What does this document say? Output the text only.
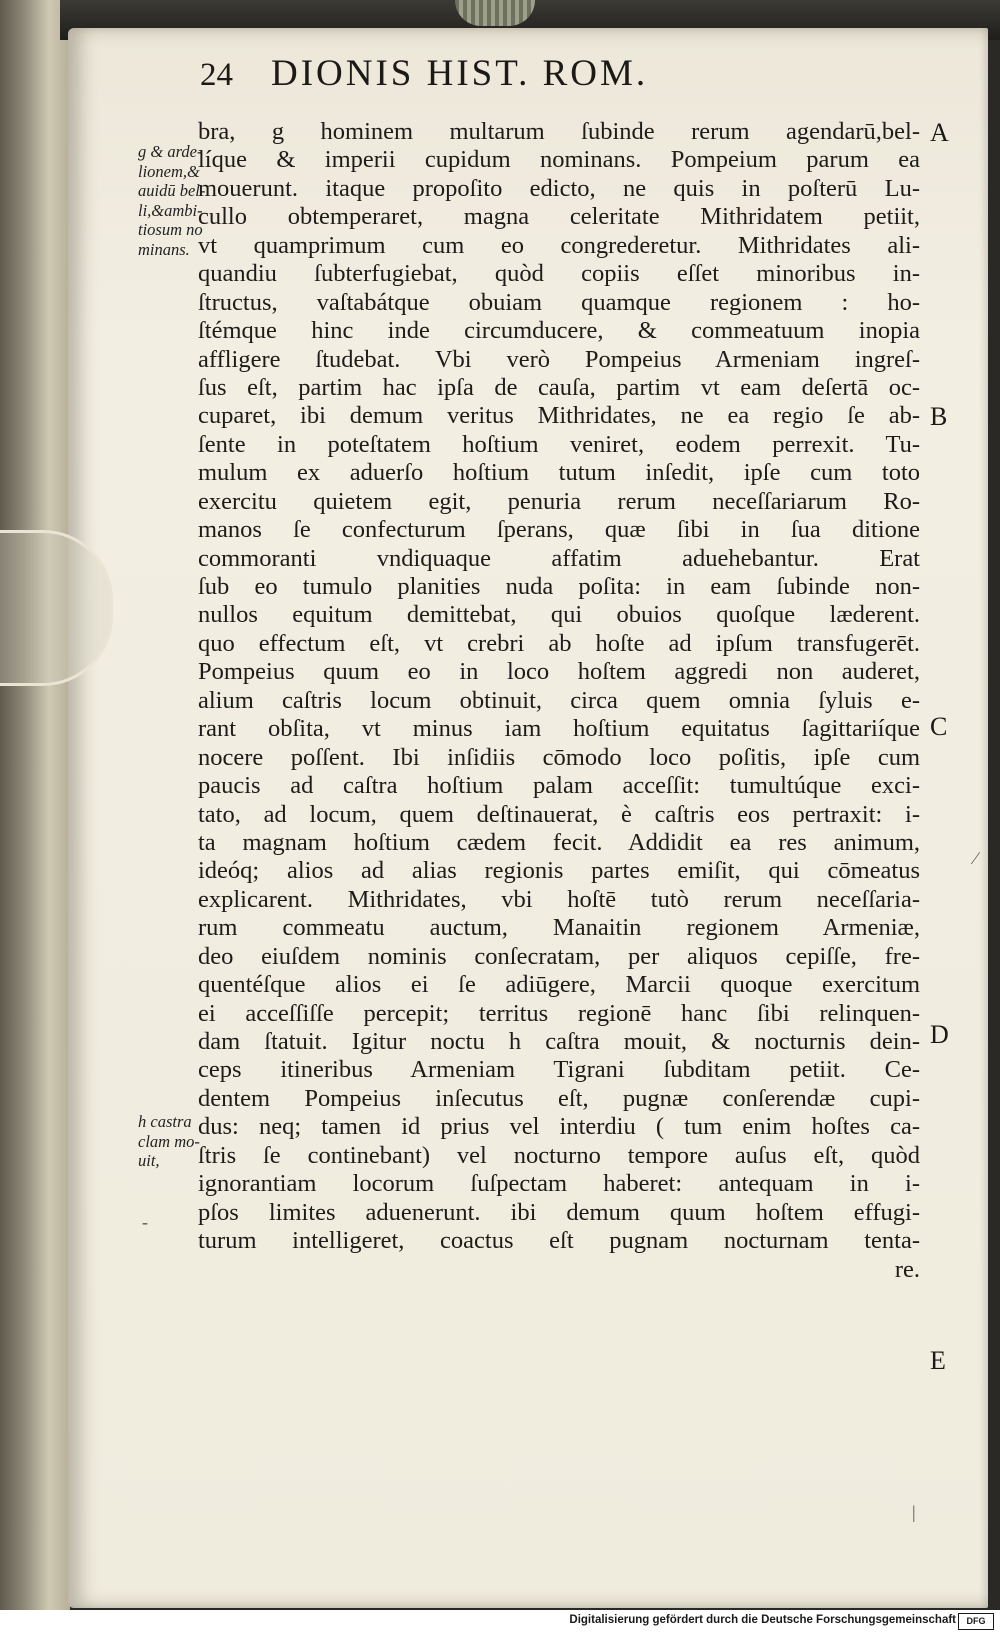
24 DIONIS HIST. ROM.
g & arde-
lionem,&
auidū bel-
li,&ambi-
tiosum no
minans.
h castra
clam mo-
uit,
bra, g hominem multarum ſubinde rerum agendarū,bel-
líque & imperii cupidum nominans. Pompeium parum ea
mouerunt. itaque propoſito edicto, ne quis in poſterū Lu-
cullo obtemperaret, magna celeritate Mithridatem petiit,
vt quamprimum cum eo congrederetur. Mithridates ali-
quandiu ſubterfugiebat, quòd copiis eſſet minoribus in-
ſtructus, vaſtabátque obuiam quamque regionem : ho-
ſtémque hinc inde circumducere, & commeatuum inopia
affligere ſtudebat. Vbi verò Pompeius Armeniam ingreſ-
ſus eſt, partim hac ipſa de cauſa, partim vt eam deſertā oc-
cuparet, ibi demum veritus Mithridates, ne ea regio ſe ab-
ſente in poteſtatem hoſtium veniret, eodem perrexit. Tu-
mulum ex aduerſo hoſtium tutum inſedit, ipſe cum toto
exercitu quietem egit, penuria rerum neceſſariarum Ro-
manos ſe confecturum ſperans, quæ ſibi in ſua ditione
commoranti vndiquaque affatim aduehebantur. Erat
ſub eo tumulo planities nuda poſita: in eam ſubinde non-
nullos equitum demittebat, qui obuios quoſque læderent.
quo effectum eſt, vt crebri ab hoſte ad ipſum transfugerēt.
Pompeius quum eo in loco hoſtem aggredi non auderet,
alium caſtris locum obtinuit, circa quem omnia ſyluis e-
rant obſita, vt minus iam hoſtium equitatus ſagittariíque
nocere poſſent. Ibi inſidiis cōmodo loco poſitis, ipſe cum
paucis ad caſtra hoſtium palam acceſſit: tumultúque exci-
tato, ad locum, quem deſtinauerat, è caſtris eos pertraxit: i-
ta magnam hoſtium cædem fecit. Addidit ea res animum,
ideóq; alios ad alias regionis partes emiſit, qui cōmeatus
explicarent. Mithridates, vbi hoſtē tutò rerum neceſſaria-
rum commeatu auctum, Manaitin regionem Armeniæ,
deo eiuſdem nominis conſecratam, per aliquos cepiſſe, fre-
quentéſque alios ei ſe adiūgere, Marcii quoque exercitum
ei acceſſiſſe percepit; territus regionē hanc ſibi relinquen-
dam ſtatuit. Igitur noctu h caſtra mouit, & nocturnis dein-
ceps itineribus Armeniam Tigrani ſubditam petiit. Ce-
dentem Pompeius inſecutus eſt, pugnæ conſerendæ cupi-
dus: neq; tamen id prius vel interdiu ( tum enim hoſtes ca-
ſtris ſe continebant) vel nocturno tempore auſus eſt, quòd
ignorantiam locorum ſuſpectam haberet: antequam in i-
pſos limites aduenerunt. ibi demum quum hoſtem effugi-
turum intelligeret, coactus eſt pugnam nocturnam tenta-
re.
A
B
C
D
E
∕
|
-
Digitalisierung gefördert durch die Deutsche Forschungsgemeinschaft	DFG
